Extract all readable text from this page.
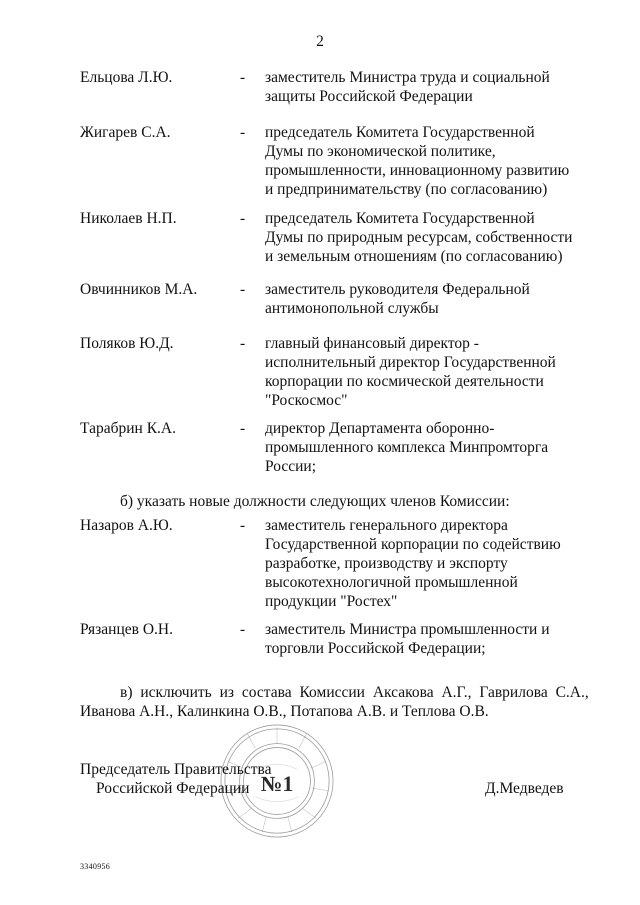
2
Ельцова Л.Ю.	- заместитель Министра труда и социальной
защиты Российской Федерации
Жигарев С.А.	- председатель Комитета Государственной
Думы по экономической политике,
промышленности, инновационному развитию
и предпринимательству (по согласованию)
Николаев Н.П.	- председатель Комитета Государственной
Думы по природным ресурсам, собственности
и земельным отношениям (по согласованию)
Овчинников М.А.	- заместитель руководителя Федеральной
антимонопольной службы
Поляков Ю.Д.	- главный финансовый директор -
исполнительный директор Государственной
корпорации по космической деятельности
"Роскосмос"
Тарабрин К.А.	- директор Департамента оборонно-
промышленного комплекса Минпромторга
России;
б) указать новые должности следующих членов Комиссии:
Назаров А.Ю.	- заместитель генерального директора
Государственной корпорации по содействию
разработке, производству и экспорту
высокотехнологичной промышленной
продукции "Ростех"
Рязанцев О.Н.	- заместитель Министра промышленности и
торговли Российской Федерации;
в) исключить из состава Комиссии Аксакова А.Г., Гаврилова С.А.,
Иванова А.Н., Калинкина О.В., Потапова А.В. и Теплова О.В.
№1
Председатель Правительства
Российской Федерации	Д.Медведев
3340956
